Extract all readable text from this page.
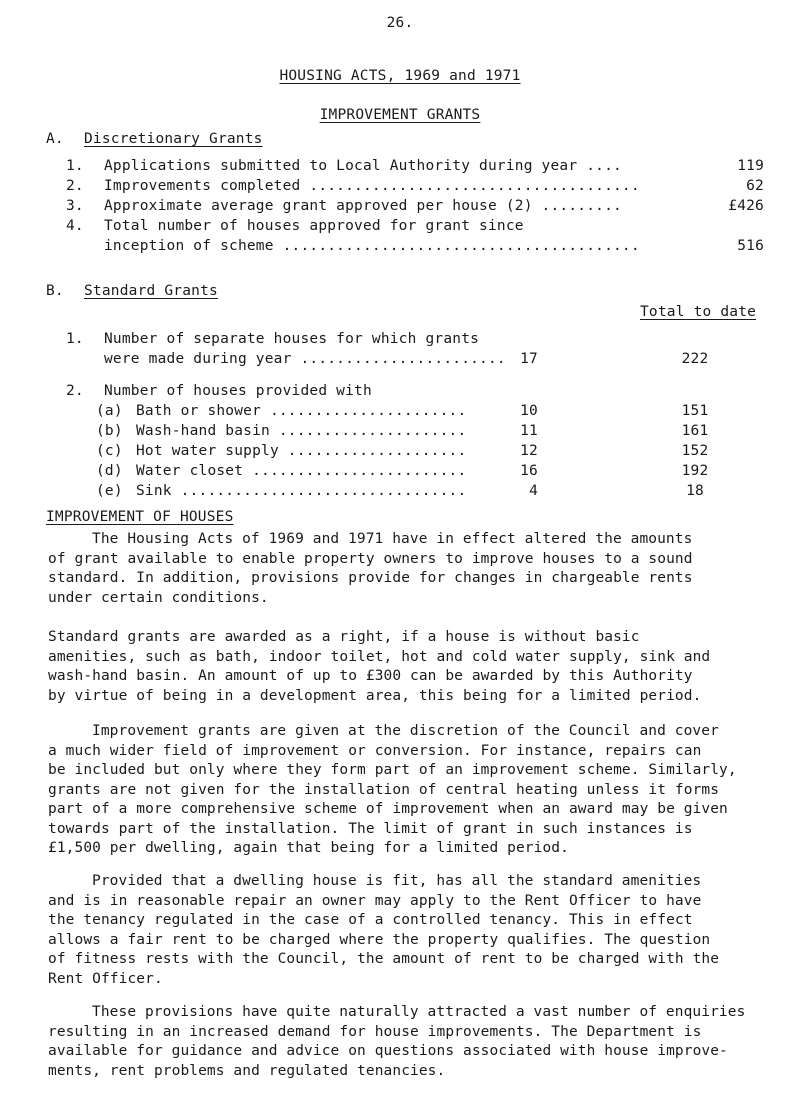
26.
HOUSING ACTS, 1969 and 1971
IMPROVEMENT GRANTS
A. Discretionary Grants
1. Applications submitted to Local Authority during year ....	119
2. Improvements completed .....................................	62
3. Approximate average grant approved per house (2) .........	£426
4. Total number of houses approved for grant since
inception of scheme ........................................	516
B. Standard Grants
Total to date
1. Number of separate houses for which grants
were made during year ....................... 17	222
2. Number of houses provided with
(a) Bath or shower ......................	10	151
(b) Wash-hand basin .....................	11	161
(c) Hot water supply ....................	12	152
(d) Water closet ........................	16	192
(e) Sink ................................	4	18
IMPROVEMENT OF HOUSES
The Housing Acts of 1969 and 1971 have in effect altered the amounts
of grant available to enable property owners to improve houses to a sound
standard. In addition, provisions provide for changes in chargeable rents
under certain conditions.
Standard grants are awarded as a right, if a house is without basic
amenities, such as bath, indoor toilet, hot and cold water supply, sink and
wash-hand basin. An amount of up to £300 can be awarded by this Authority
by virtue of being in a development area, this being for a limited period.
Improvement grants are given at the discretion of the Council and cover
a much wider field of improvement or conversion. For instance, repairs can
be included but only where they form part of an improvement scheme. Similarly,
grants are not given for the installation of central heating unless it forms
part of a more comprehensive scheme of improvement when an award may be given
towards part of the installation. The limit of grant in such instances is
£1,500 per dwelling, again that being for a limited period.
Provided that a dwelling house is fit, has all the standard amenities
and is in reasonable repair an owner may apply to the Rent Officer to have
the tenancy regulated in the case of a controlled tenancy. This in effect
allows a fair rent to be charged where the property qualifies. The question
of fitness rests with the Council, the amount of rent to be charged with the
Rent Officer.
These provisions have quite naturally attracted a vast number of enquiries
resulting in an increased demand for house improvements. The Department is
available for guidance and advice on questions associated with house improve-
ments, rent problems and regulated tenancies.
